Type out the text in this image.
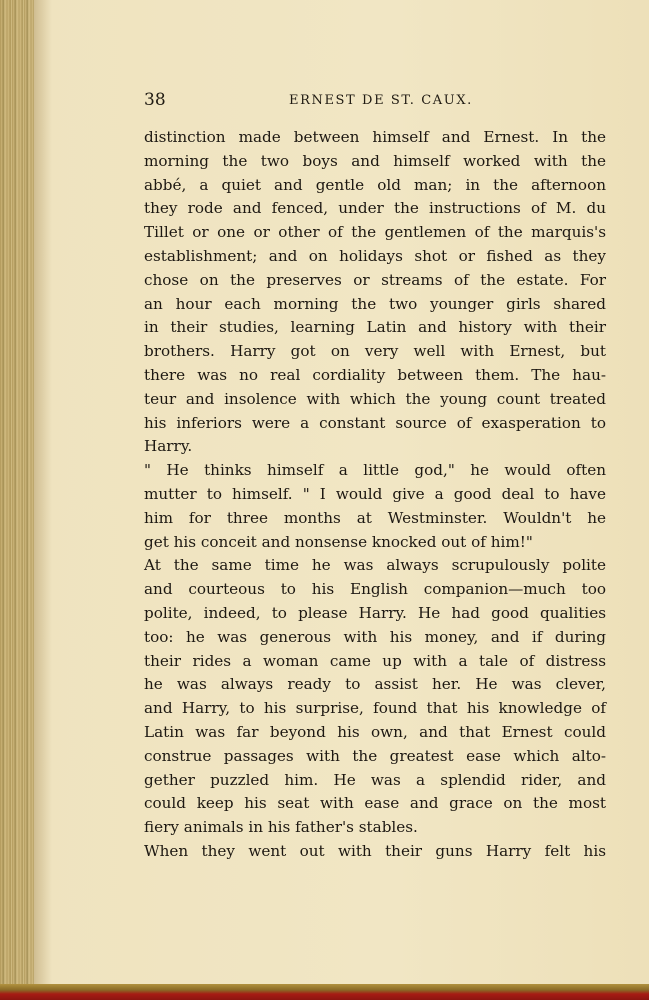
38	ERNEST DE ST. CAUX.
distinction made between himself and Ernest. In the
morning the two boys and himself worked with the
abbé, a quiet and gentle old man; in the afternoon
they rode and fenced, under the instructions of M. du
Tillet or one or other of the gentlemen of the marquis's
establishment; and on holidays shot or fished as they
chose on the preserves or streams of the estate. For
an hour each morning the two younger girls shared
in their studies, learning Latin and history with their
brothers. Harry got on very well with Ernest, but
there was no real cordiality between them. The hau-
teur and insolence with which the young count treated
his inferiors were a constant source of exasperation to
Harry.
" He thinks himself a little god," he would often
mutter to himself. " I would give a good deal to have
him for three months at Westminster. Wouldn't he
get his conceit and nonsense knocked out of him!"
At the same time he was always scrupulously polite
and courteous to his English companion—much too
polite, indeed, to please Harry. He had good qualities
too: he was generous with his money, and if during
their rides a woman came up with a tale of distress
he was always ready to assist her. He was clever,
and Harry, to his surprise, found that his knowledge of
Latin was far beyond his own, and that Ernest could
construe passages with the greatest ease which alto-
gether puzzled him. He was a splendid rider, and
could keep his seat with ease and grace on the most
fiery animals in his father's stables.
When they went out with their guns Harry felt his
